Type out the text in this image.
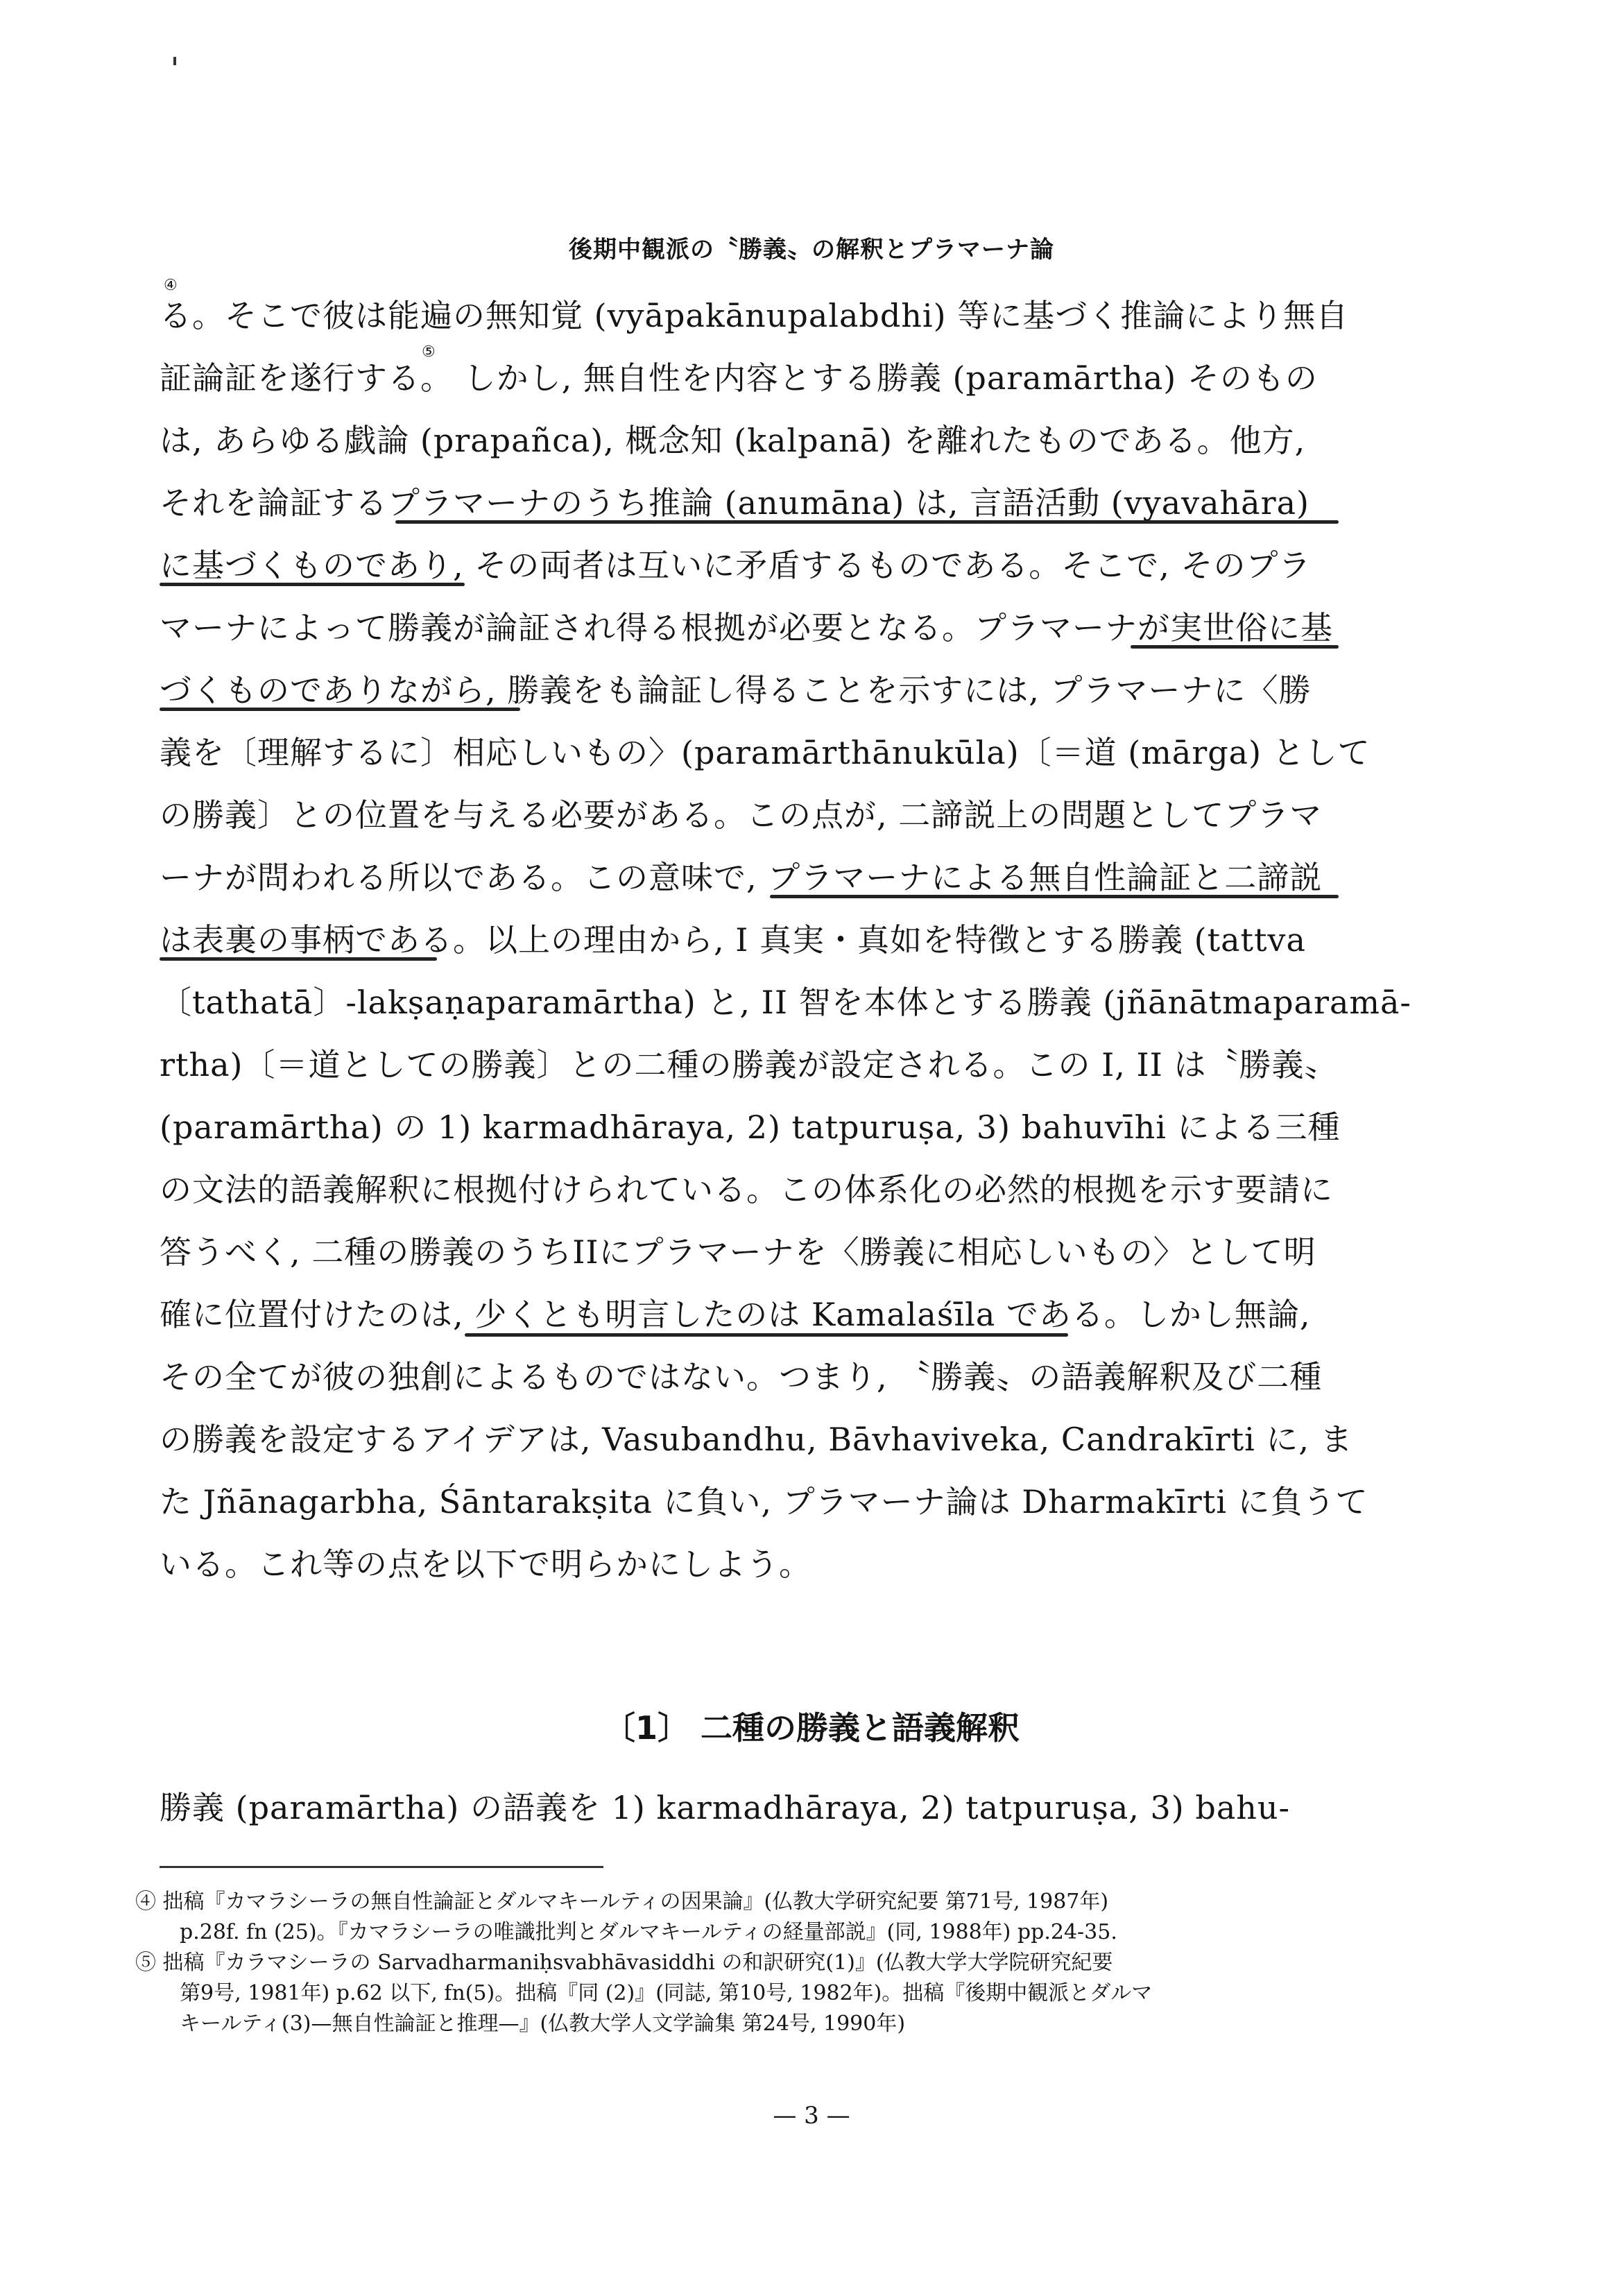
後期中観派の〝勝義〟の解釈とプラマーナ論
④
る。そこで彼は能遍の無知覚 (vyāpakānupalabdhi) 等に基づく推論により無自
⑤
証論証を遂行する。 しかし, 無自性を内容とする勝義 (paramārtha) そのもの
は, あらゆる戯論 (prapañca), 概念知 (kalpanā) を離れたものである。他方,
それを論証するプラマーナのうち推論 (anumāna) は, 言語活動 (vyavahāra)
に基づくものであり, その両者は互いに矛盾するものである。そこで, そのプラ
マーナによって勝義が論証され得る根拠が必要となる。プラマーナが実世俗に基
づくものでありながら, 勝義をも論証し得ることを示すには, プラマーナに〈勝
義を〔理解するに〕相応しいもの〉(paramārthānukūla)〔＝道 (mārga) として
の勝義〕との位置を与える必要がある。この点が, 二諦説上の問題としてプラマ
ーナが問われる所以である。この意味で, プラマーナによる無自性論証と二諦説
は表裏の事柄である。以上の理由から, I 真実・真如を特徴とする勝義 (tattva
〔tathatā〕-lakṣaṇaparamārtha) と, II 智を本体とする勝義 (jñānātmaparamā-
rtha)〔＝道としての勝義〕との二種の勝義が設定される。この I, II は〝勝義〟
(paramārtha) の 1) karmadhāraya, 2) tatpuruṣa, 3) bahuvīhi による三種
の文法的語義解釈に根拠付けられている。この体系化の必然的根拠を示す要請に
答うべく, 二種の勝義のうちIIにプラマーナを〈勝義に相応しいもの〉として明
確に位置付けたのは, 少くとも明言したのは Kamalaśīla である。しかし無論,
その全てが彼の独創によるものではない。つまり, 〝勝義〟の語義解釈及び二種
の勝義を設定するアイデアは, Vasubandhu, Bāvhaviveka, Candrakīrti に, ま
た Jñānagarbha, Śāntarakṣita に負い, プラマーナ論は Dharmakīrti に負うて
いる。これ等の点を以下で明らかにしよう。
〔1〕 二種の勝義と語義解釈
勝義 (paramārtha) の語義を 1) karmadhāraya, 2) tatpuruṣa, 3) bahu-
④ 拙稿『カマラシーラの無自性論証とダルマキールティの因果論』(仏教大学研究紀要 第71号, 1987年)
p.28f. fn (25)。『カマラシーラの唯識批判とダルマキールティの経量部説』(同, 1988年) pp.24-35.
⑤ 拙稿『カラマシーラの Sarvadharmaniḥsvabhāvasiddhi の和訳研究(1)』(仏教大学大学院研究紀要
第9号, 1981年) p.62 以下, fn(5)。拙稿『同 (2)』(同誌, 第10号, 1982年)。拙稿『後期中観派とダルマ
キールティ(3)—無自性論証と推理—』(仏教大学人文学論集 第24号, 1990年)
— 3 —
